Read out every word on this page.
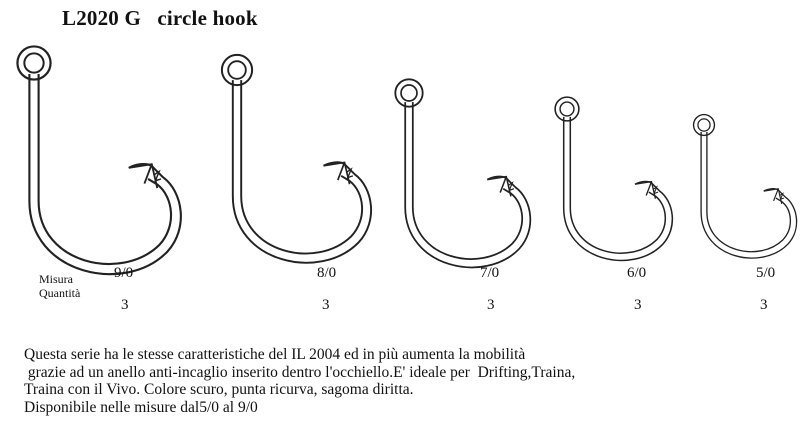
L2020 G   circle hook
Misura
Quantità
9/0	8/0	7/0	6/0	5/0
3	3	3	3	3
Questa serie ha le stesse caratteristiche del IL 2004 ed in più aumenta la mobilità
grazie ad un anello anti-incaglio inserito dentro l'occhiello.E' ideale per  Drifting,Traina,
Traina con il Vivo. Colore scuro, punta ricurva, sagoma diritta.
Disponibile nelle misure dal5/0 al 9/0
